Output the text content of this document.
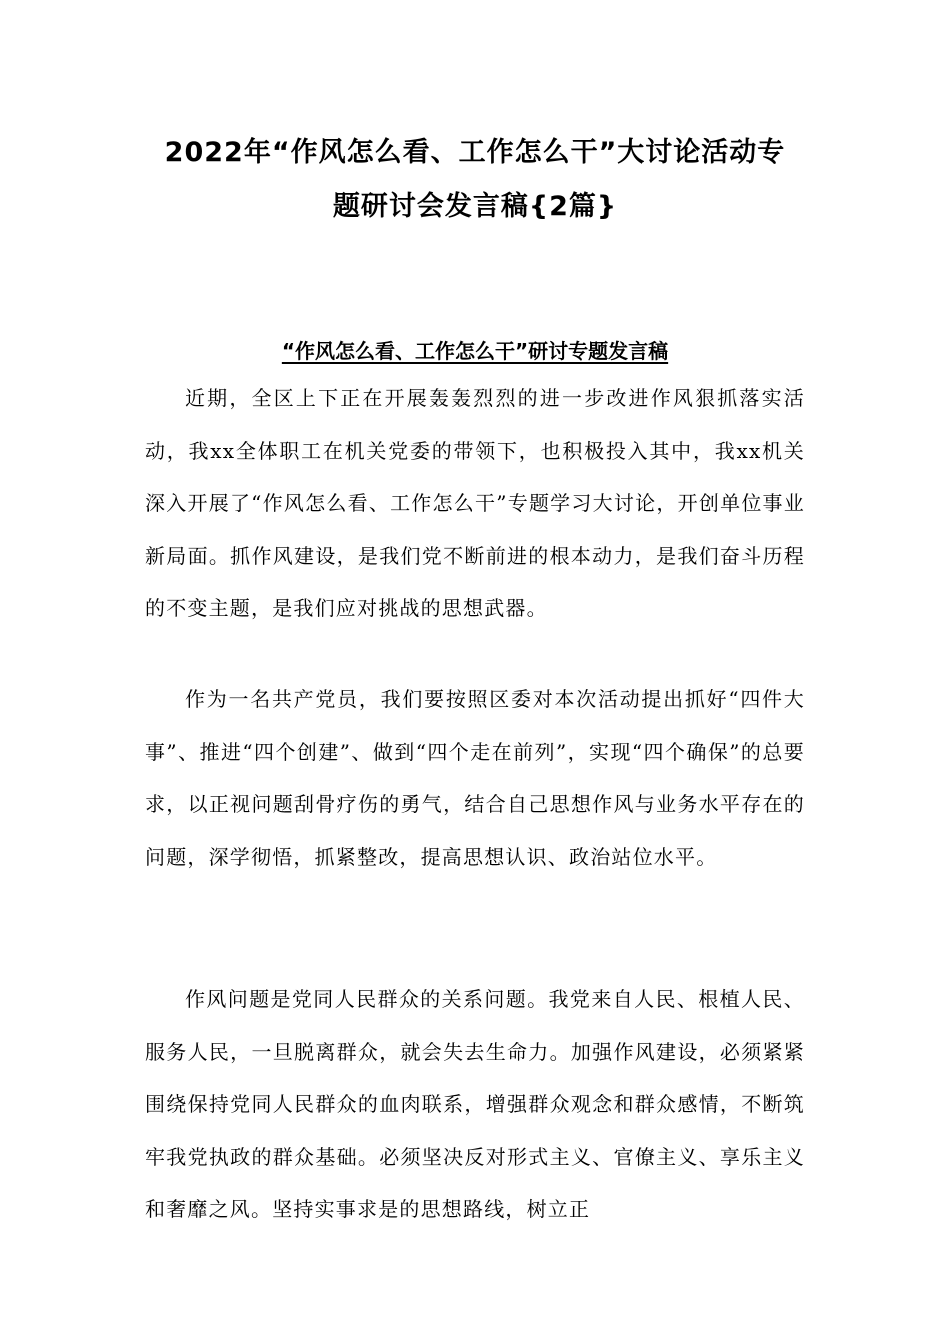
2022年“作风怎么看、工作怎么干”大讨论活动专
题研讨会发言稿{2篇}
“作风怎么看、工作怎么干”研讨专题发言稿

近期，全区上下正在开展轰轰烈烈的进一步改进作风狠抓落实活动，我xx全体职工在机关党委的带领下，也积极投入其中，我xx机关深入开展了“作风怎么看、工作怎么干”专题学习大讨论，开创单位事业新局面。抓作风建设，是我们党不断前进的根本动力，是我们奋斗历程的不变主题，是我们应对挑战的思想武器。

作为一名共产党员，我们要按照区委对本次活动提出抓好“四件大事”、推进“四个创建”、做到“四个走在前列”，实现“四个确保”的总要求，以正视问题刮骨疗伤的勇气，结合自己思想作风与业务水平存在的问题，深学彻悟，抓紧整改，提高思想认识、政治站位水平。

作风问题是党同人民群众的关系问题。我党来自人民、根植人民、服务人民，一旦脱离群众，就会失去生命力。加强作风建设，必须紧紧围绕保持党同人民群众的血肉联系，增强群众观念和群众感情，不断筑牢我党执政的群众基础。必须坚决反对形式主义、官僚主义、享乐主义和奢靡之风。坚持实事求是的思想路线，树立正
